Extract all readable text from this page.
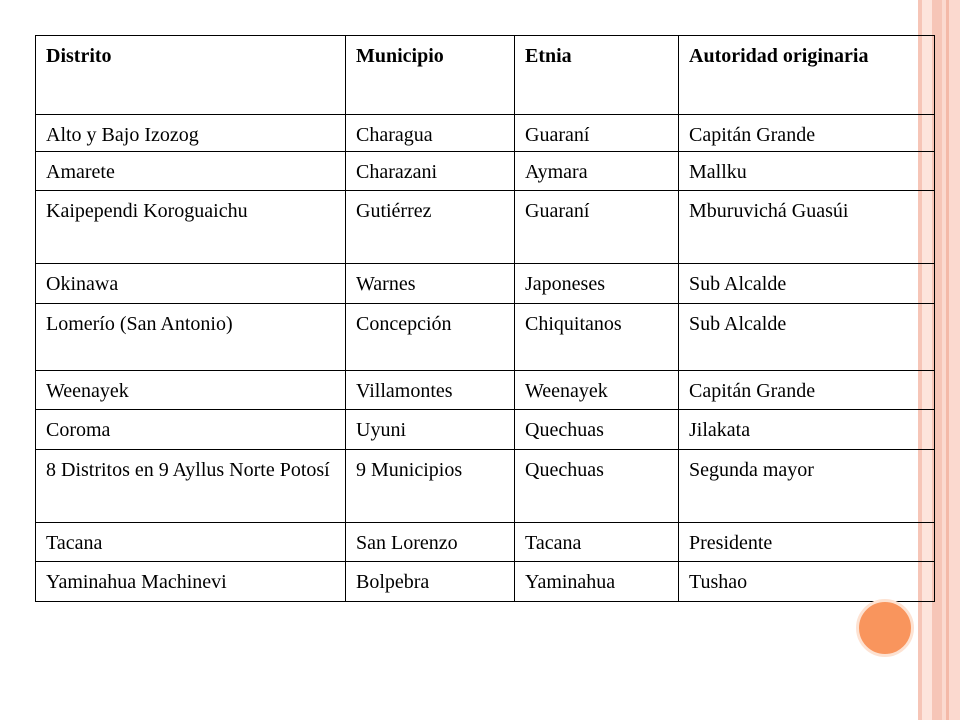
Distrito	Municipio	Etnia	Autoridad originaria
Alto y Bajo Izozog	Charagua	Guaraní	Capitán Grande
Amarete	Charazani	Aymara	Mallku
Kaipependi Koroguaichu	Gutiérrez	Guaraní	Mburuvichá Guasúi
Okinawa	Warnes	Japoneses	Sub Alcalde
Lomerío (San Antonio)	Concepción	Chiquitanos	Sub Alcalde
Weenayek	Villamontes	Weenayek	Capitán Grande
Coroma	Uyuni	Quechuas	Jilakata
8 Distritos en 9 Ayllus Norte Potosí	9 Municipios	Quechuas	Segunda mayor
Tacana	San Lorenzo	Tacana	Presidente
Yaminahua Machinevi	Bolpebra	Yaminahua	Tushao
